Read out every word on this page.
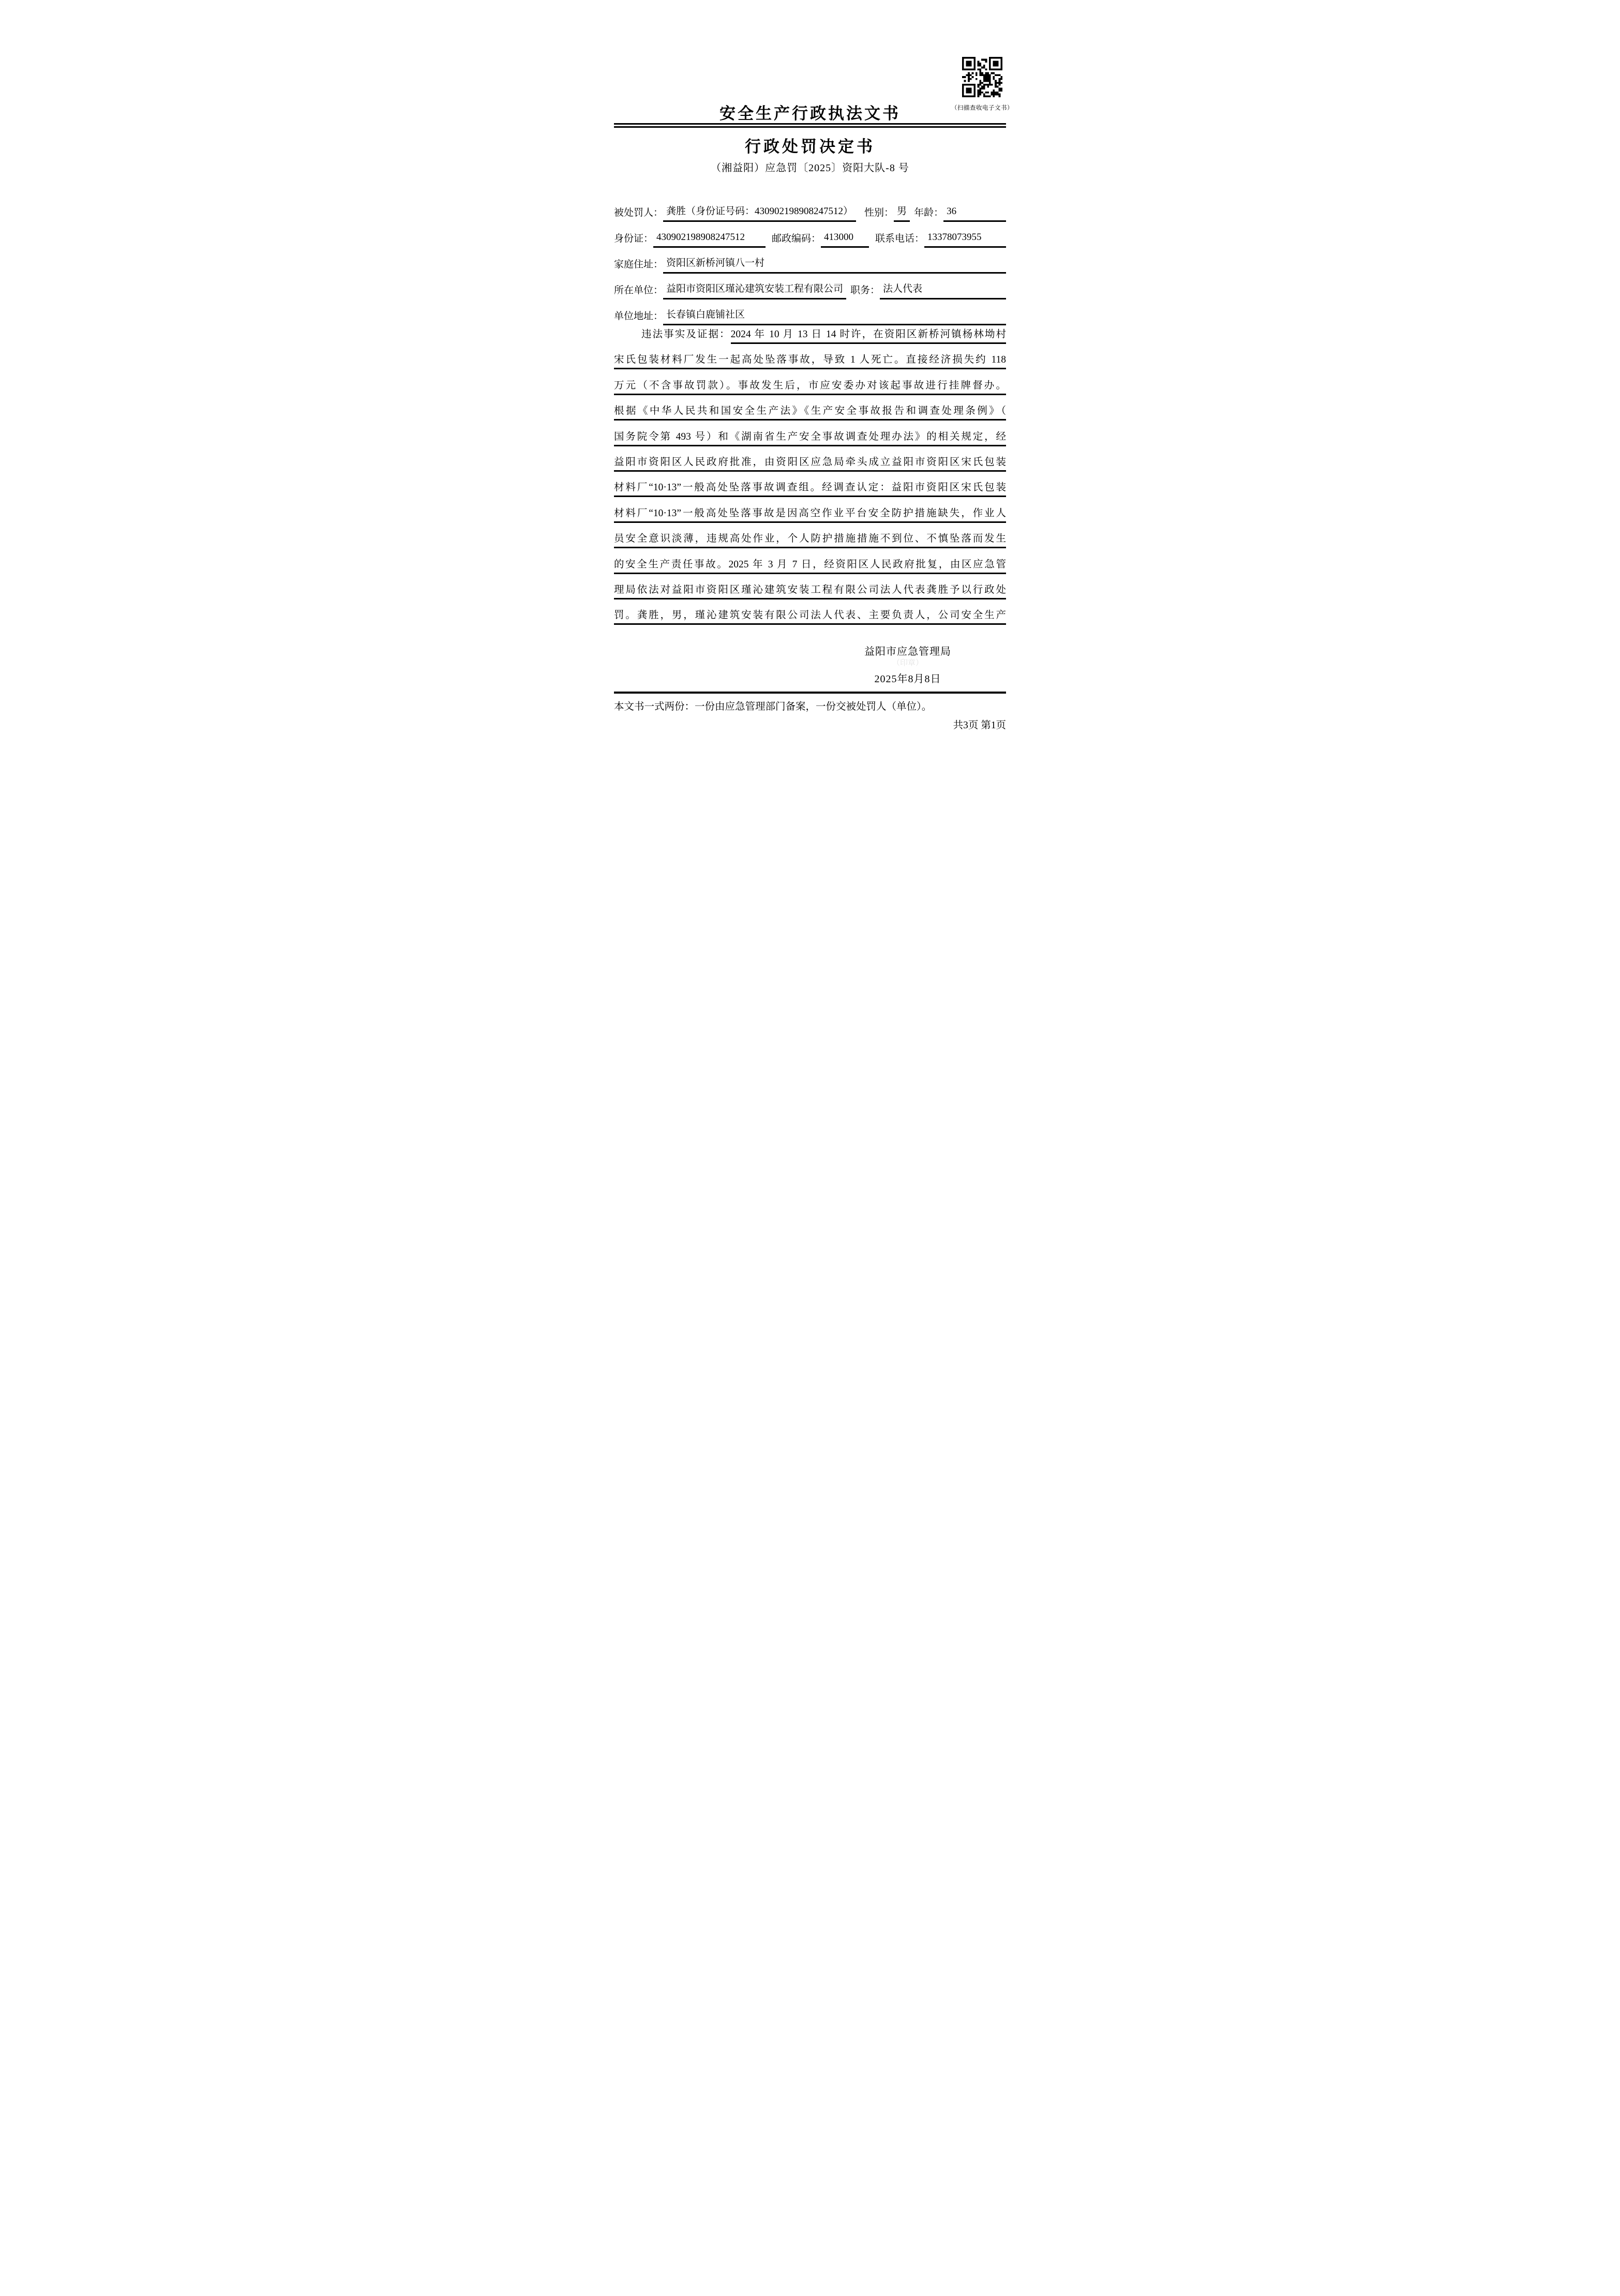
（扫描查收电子文书）
安全生产行政执法文书
行政处罚决定书
（湘益阳）应急罚〔2025〕资阳大队-8 号
被处罚人： 龚胜（身份证号码：430902198908247512）	性别： 男 年龄： 36
身份证： 430902198908247512	邮政编码： 413000	联系电话： 13378073955
家庭住址： 资阳区新桥河镇八一村
所在单位： 益阳市资阳区瑾沁建筑安装工程有限公司 职务： 法人代表
单位地址： 长春镇白鹿铺社区
违法事实及证据：2024 年 10 月 13 日 14 时许，在资阳区新桥河镇杨林坳村
宋氏包装材料厂发生一起高处坠落事故，导致 1 人死亡。直接经济损失约 118
万元（不含事故罚款）。事故发生后，市应安委办对该起事故进行挂牌督办。
根据《中华人民共和国安全生产法》《生产安全事故报告和调查处理条例》（
国务院令第 493 号）和《湖南省生产安全事故调查处理办法》的相关规定，经
益阳市资阳区人民政府批准，由资阳区应急局牵头成立益阳市资阳区宋氏包装
材料厂“10·13”一般高处坠落事故调查组。经调查认定：益阳市资阳区宋氏包装
材料厂“10·13”一般高处坠落事故是因高空作业平台安全防护措施缺失，作业人
员安全意识淡薄，违规高处作业，个人防护措施措施不到位、不慎坠落而发生
的安全生产责任事故。2025 年 3 月 7 日，经资阳区人民政府批复，由区应急管
理局依法对益阳市资阳区瑾沁建筑安装工程有限公司法人代表龚胜予以行政处
罚。龚胜，男，瑾沁建筑安装有限公司法人代表、主要负责人，公司安全生产
益阳市应急管理局
（印章）
2025年8月8日
本文书一式两份：一份由应急管理部门备案，一份交被处罚人（单位）。
共3页 第1页
